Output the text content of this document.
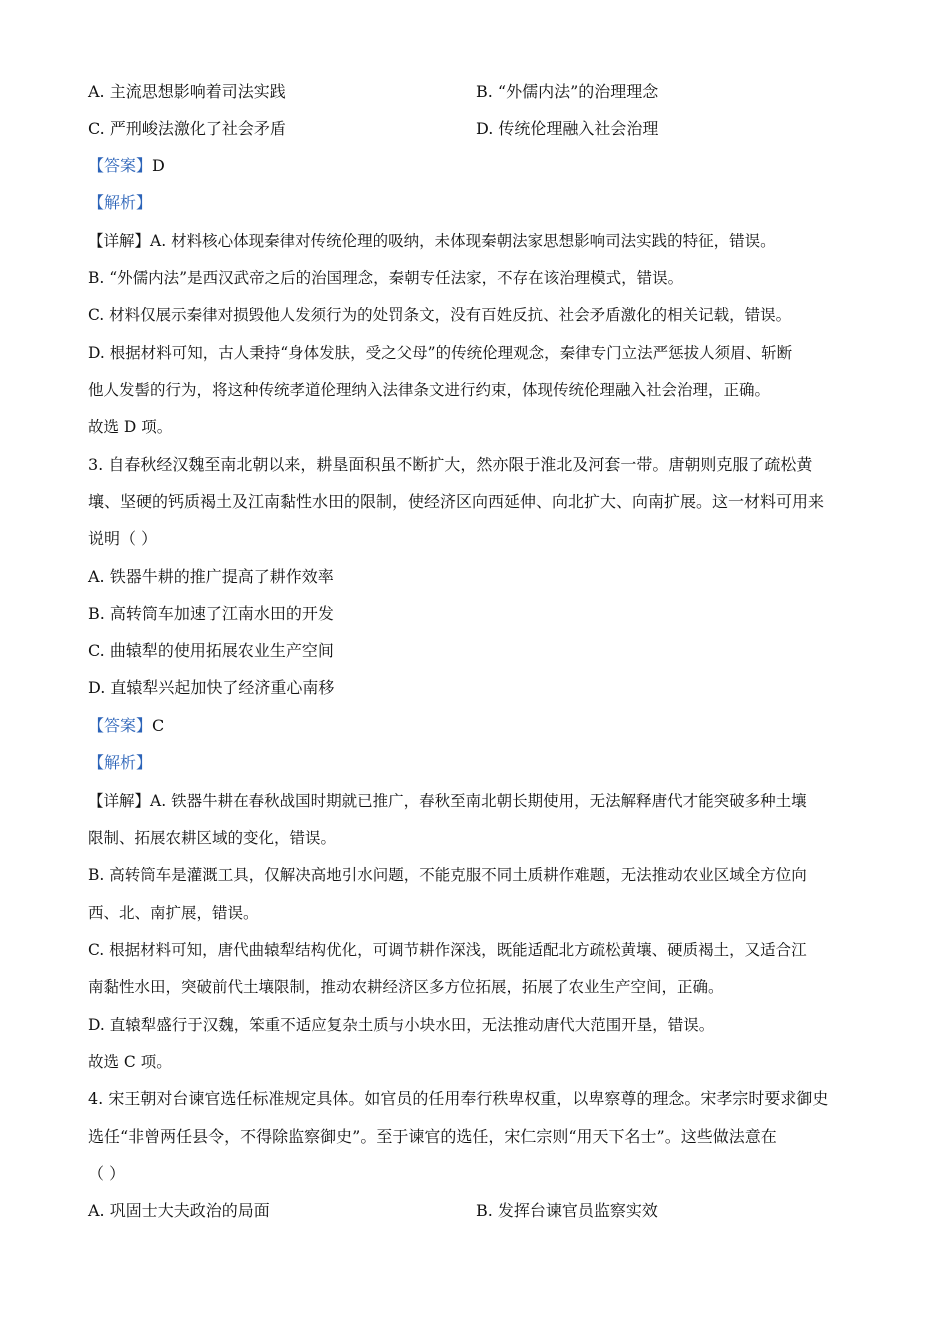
A. 主流思想影响着司法实践	B. “外儒内法”的治理理念
C. 严刑峻法激化了社会矛盾	D. 传统伦理融入社会治理
【答案】D
【解析】
【详解】A. 材料核心体现秦律对传统伦理的吸纳，未体现秦朝法家思想影响司法实践的特征，错误。
B. “外儒内法”是西汉武帝之后的治国理念，秦朝专任法家，不存在该治理模式，错误。
C. 材料仅展示秦律对损毁他人发须行为的处罚条文，没有百姓反抗、社会矛盾激化的相关记载，错误。
D. 根据材料可知，古人秉持“身体发肤，受之父母”的传统伦理观念，秦律专门立法严惩拔人须眉、斩断
他人发髻的行为，将这种传统孝道伦理纳入法律条文进行约束，体现传统伦理融入社会治理，正确。
故选 D 项。
3. 自春秋经汉魏至南北朝以来，耕垦面积虽不断扩大，然亦限于淮北及河套一带。唐朝则克服了疏松黄
壤、坚硬的钙质褐土及江南黏性水田的限制，使经济区向西延伸、向北扩大、向南扩展。这一材料可用来
说明（ ）
A. 铁器牛耕的推广提高了耕作效率
B. 高转筒车加速了江南水田的开发
C. 曲辕犁的使用拓展农业生产空间
D. 直辕犁兴起加快了经济重心南移
【答案】C
【解析】
【详解】A. 铁器牛耕在春秋战国时期就已推广，春秋至南北朝长期使用，无法解释唐代才能突破多种土壤
限制、拓展农耕区域的变化，错误。
B. 高转筒车是灌溉工具，仅解决高地引水问题，不能克服不同土质耕作难题，无法推动农业区域全方位向
西、北、南扩展，错误。
C. 根据材料可知，唐代曲辕犁结构优化，可调节耕作深浅，既能适配北方疏松黄壤、硬质褐土，又适合江
南黏性水田，突破前代土壤限制，推动农耕经济区多方位拓展，拓展了农业生产空间，正确。
D. 直辕犁盛行于汉魏，笨重不适应复杂土质与小块水田，无法推动唐代大范围开垦，错误。
故选 C 项。
4. 宋王朝对台谏官选任标准规定具体。如官员的任用奉行秩卑权重，以卑察尊的理念。宋孝宗时要求御史
选任“非曾两任县令，不得除监察御史”。至于谏官的选任，宋仁宗则“用天下名士”。这些做法意在
（ ）
A. 巩固士大夫政治的局面	B. 发挥台谏官员监察实效
